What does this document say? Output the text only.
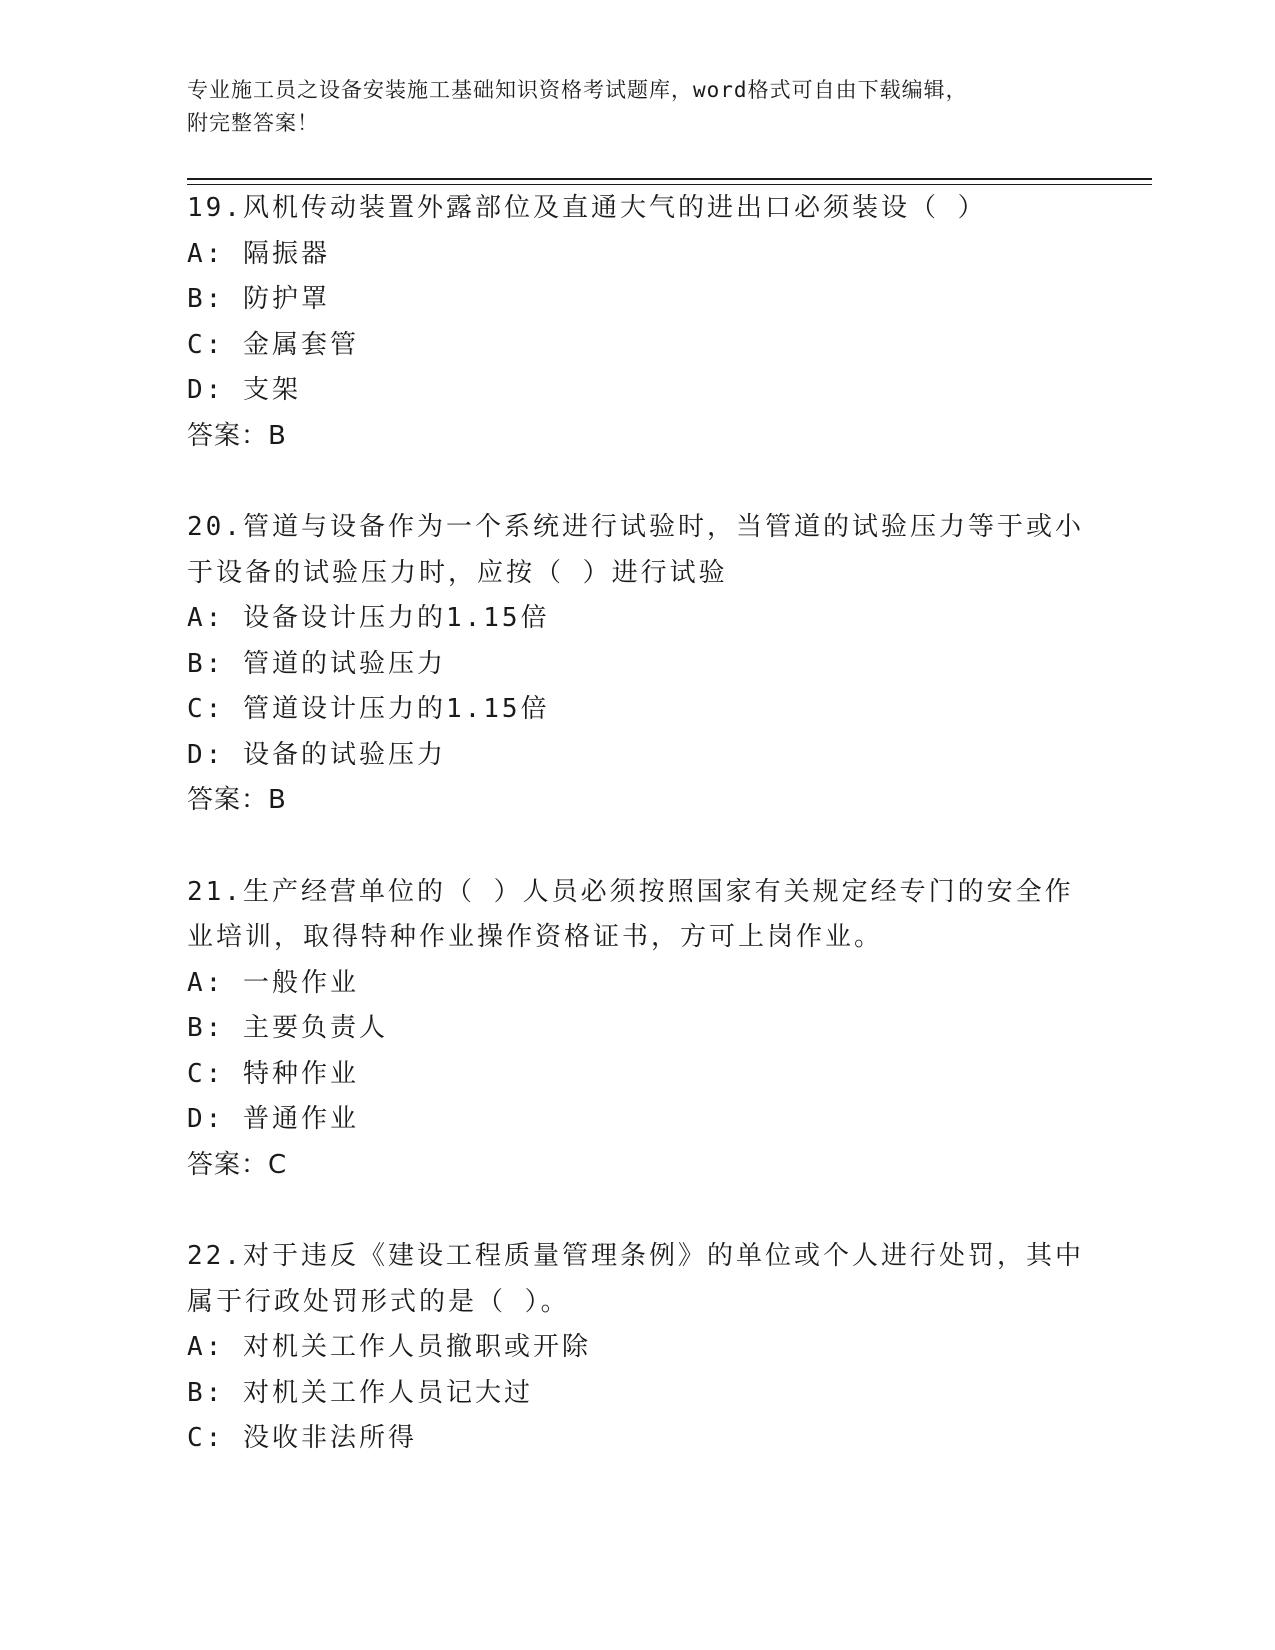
专业施工员之设备安装施工基础知识资格考试题库，word格式可自由下载编辑，
附完整答案！
19.风机传动装置外露部位及直通大气的进出口必须装设（ ）
A: 隔振器
B: 防护罩
C: 金属套管
D: 支架
答案：B
20.管道与设备作为一个系统进行试验时，当管道的试验压力等于或小
于设备的试验压力时，应按（ ）进行试验
A: 设备设计压力的1.15倍
B: 管道的试验压力
C: 管道设计压力的1.15倍
D: 设备的试验压力
答案：B
21.生产经营单位的（ ）人员必须按照国家有关规定经专门的安全作
业培训，取得特种作业操作资格证书，方可上岗作业。
A: 一般作业
B: 主要负责人
C: 特种作业
D: 普通作业
答案：C
22.对于违反《建设工程质量管理条例》的单位或个人进行处罚，其中
属于行政处罚形式的是（ ）。
A: 对机关工作人员撤职或开除
B: 对机关工作人员记大过
C: 没收非法所得
